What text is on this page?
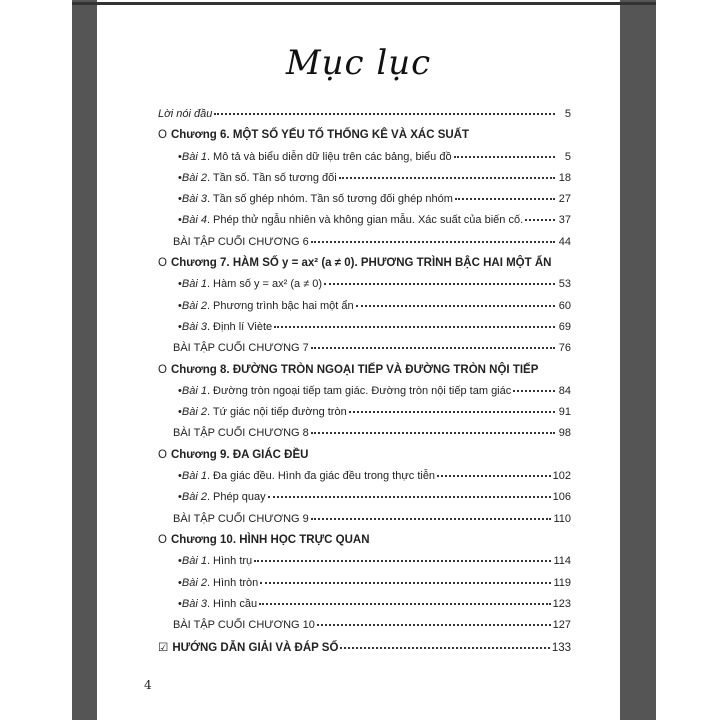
Mục lục
Lời nói đầu	5
O Chương 6. MỘT SỐ YẾU TỐ THỐNG KÊ VÀ XÁC SUẤT
• Bài 1 . Mô tả và biểu diễn dữ liệu trên các bảng, biểu đồ	5
• Bài 2 . Tần số. Tần số tương đối	18
• Bài 3 . Tần số ghép nhóm. Tần số tương đối ghép nhóm	27
• Bài 4 . Phép thử ngẫu nhiên và không gian mẫu. Xác suất của biến cố.	37
BÀI TẬP CUỐI CHƯƠNG 6	44
O Chương 7. HÀM SỐ y = ax² (a ≠ 0). PHƯƠNG TRÌNH BẬC HAI MỘT ẨN
• Bài 1 . Hàm số y = ax² (a ≠ 0)	53
• Bài 2 . Phương trình bậc hai một ẩn	60
• Bài 3 . Định lí Viète	69
BÀI TẬP CUỐI CHƯƠNG 7	76
O Chương 8. ĐƯỜNG TRÒN NGOẠI TIẾP VÀ ĐƯỜNG TRÒN NỘI TIẾP
• Bài 1 . Đường tròn ngoại tiếp tam giác. Đường tròn nội tiếp tam giác	84
• Bài 2 . Tứ giác nội tiếp đường tròn	91
BÀI TẬP CUỐI CHƯƠNG 8	98
O Chương 9. ĐA GIÁC ĐỀU
• Bài 1 . Đa giác đều. Hình đa giác đều trong thực tiễn	102
• Bài 2 . Phép quay	106
BÀI TẬP CUỐI CHƯƠNG 9	110
O Chương 10. HÌNH HỌC TRỰC QUAN
• Bài 1 . Hình trụ	114
• Bài 2 . Hình tròn	119
• Bài 3 . Hình cầu	123
BÀI TẬP CUỐI CHƯƠNG 10	127
☑ HƯỚNG DẪN GIẢI VÀ ĐÁP SỐ	133
4
